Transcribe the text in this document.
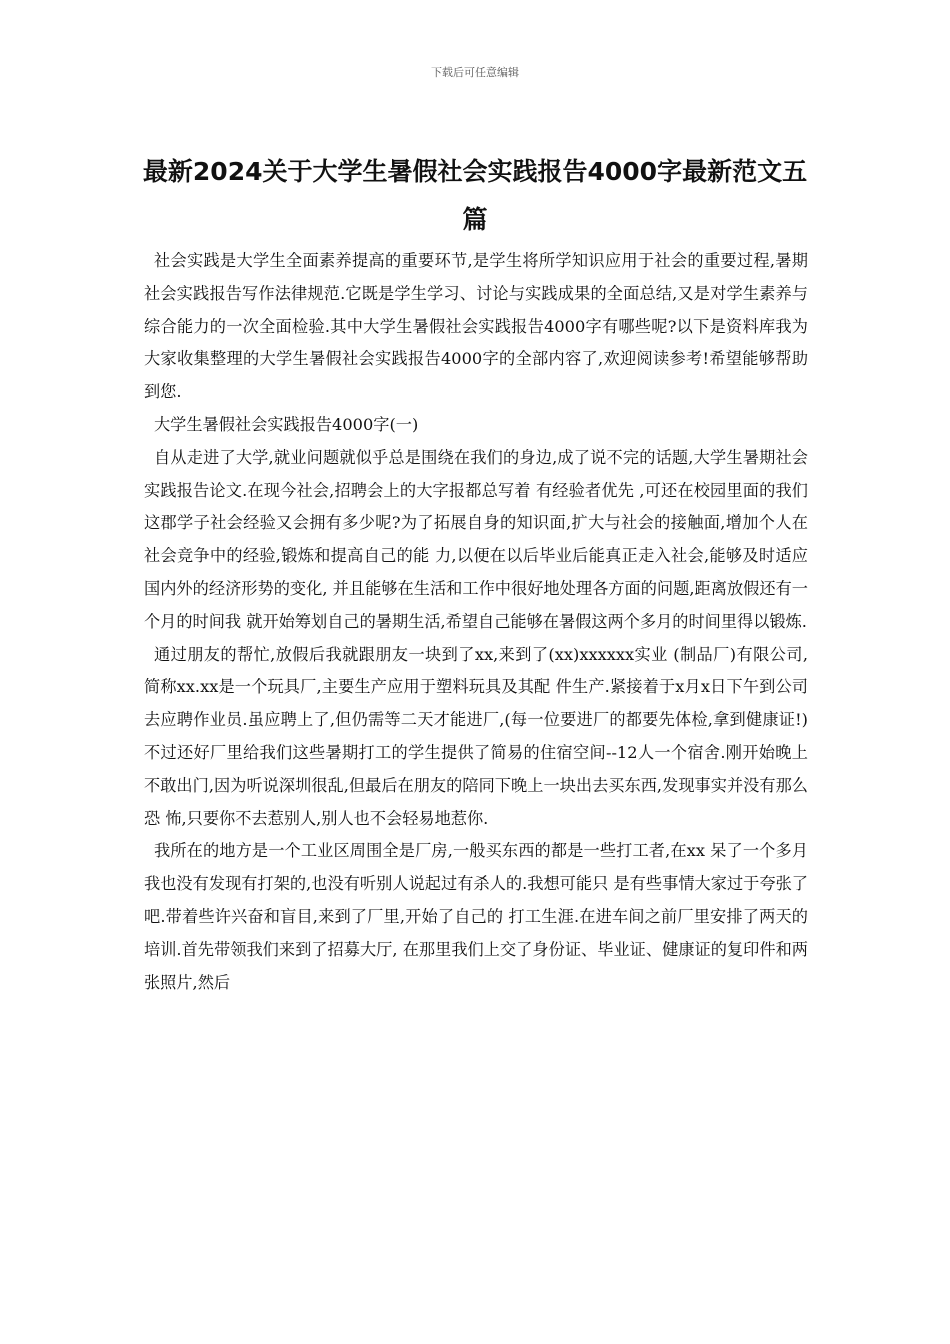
下载后可任意编辑
最新2024关于大学生暑假社会实践报告4000字最新范文五篇

社会实践是大学生全面素养提高的重要环节,是学生将所学知识应用于社会的重要过程,暑期社会实践报告写作法律规范.它既是学生学习、讨论与实践成果的全面总结,又是对学生素养与综合能力的一次全面检验.其中大学生暑假社会实践报告4000字有哪些呢?以下是资料库我为大家收集整理的大学生暑假社会实践报告4000字的全部内容了,欢迎阅读参考!希望能够帮助到您.

大学生暑假社会实践报告4000字(一)

自从走进了大学,就业问题就似乎总是围绕在我们的身边,成了说不完的话题,大学生暑期社会实践报告论文.在现今社会,招聘会上的大字报都总写着 有经验者优先 ,可还在校园里面的我们这郡学子社会经验又会拥有多少呢?为了拓展自身的知识面,扩大与社会的接触面,增加个人在社会竞争中的经验,锻炼和提高自己的能 力,以便在以后毕业后能真正走入社会,能够及时适应国内外的经济形势的变化, 并且能够在生活和工作中很好地处理各方面的问题,距离放假还有一个月的时间我 就开始筹划自己的暑期生活,希望自己能够在暑假这两个多月的时间里得以锻炼.

通过朋友的帮忙,放假后我就跟朋友一块到了xx,来到了(xx)xxxxxx实业 (制品厂)有限公司,简称xx.xx是一个玩具厂,主要生产应用于塑料玩具及其配 件生产.紧接着于x月x日下午到公司去应聘作业员.虽应聘上了,但仍需等二天才能进厂,(每一位要进厂的都要先体检,拿到健康证!)不过还好厂里给我们这些暑期打工的学生提供了简易的住宿空间--12人一个宿舍.刚开始晚上不敢出门,因为听说深圳很乱,但最后在朋友的陪同下晚上一块出去买东西,发现事实并没有那么恐 怖,只要你不去惹别人,别人也不会轻易地惹你.

我所在的地方是一个工业区周围全是厂房,一般买东西的都是一些打工者,在xx 呆了一个多月我也没有发现有打架的,也没有听别人说起过有杀人的.我想可能只 是有些事情大家过于夸张了吧.带着些许兴奋和盲目,来到了厂里,开始了自己的 打工生涯.在进车间之前厂里安排了两天的培训.首先带领我们来到了招募大厅, 在那里我们上交了身份证、毕业证、健康证的复印件和两张照片,然后
